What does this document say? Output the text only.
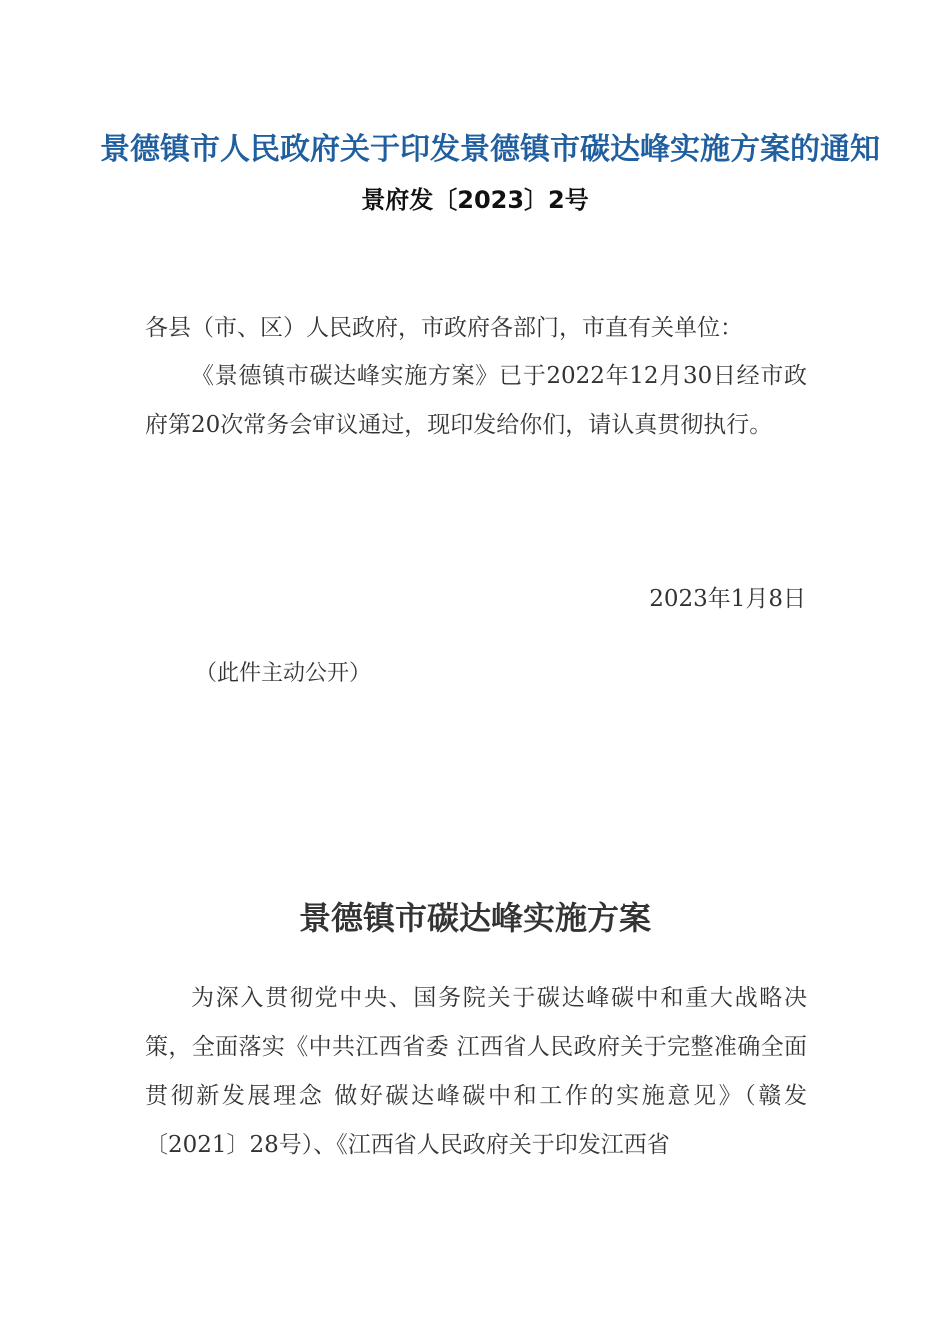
景德镇市人民政府关于印发景德镇市碳达峰实施方案的通知
景府发〔2023〕2号

各县（市、区）人民政府，市政府各部门，市直有关单位：

《景德镇市碳达峰实施方案》已于2022年12月30日经市政府第20次常务会审议通过，现印发给你们，请认真贯彻执行。

2023年1月8日

（此件主动公开）

景德镇市碳达峰实施方案

为深入贯彻党中央、国务院关于碳达峰碳中和重大战略决策，全面落实《中共江西省委 江西省人民政府关于完整准确全面贯彻新发展理念 做好碳达峰碳中和工作的实施意见》（赣发〔2021〕28号）、《江西省人民政府关于印发江西省
